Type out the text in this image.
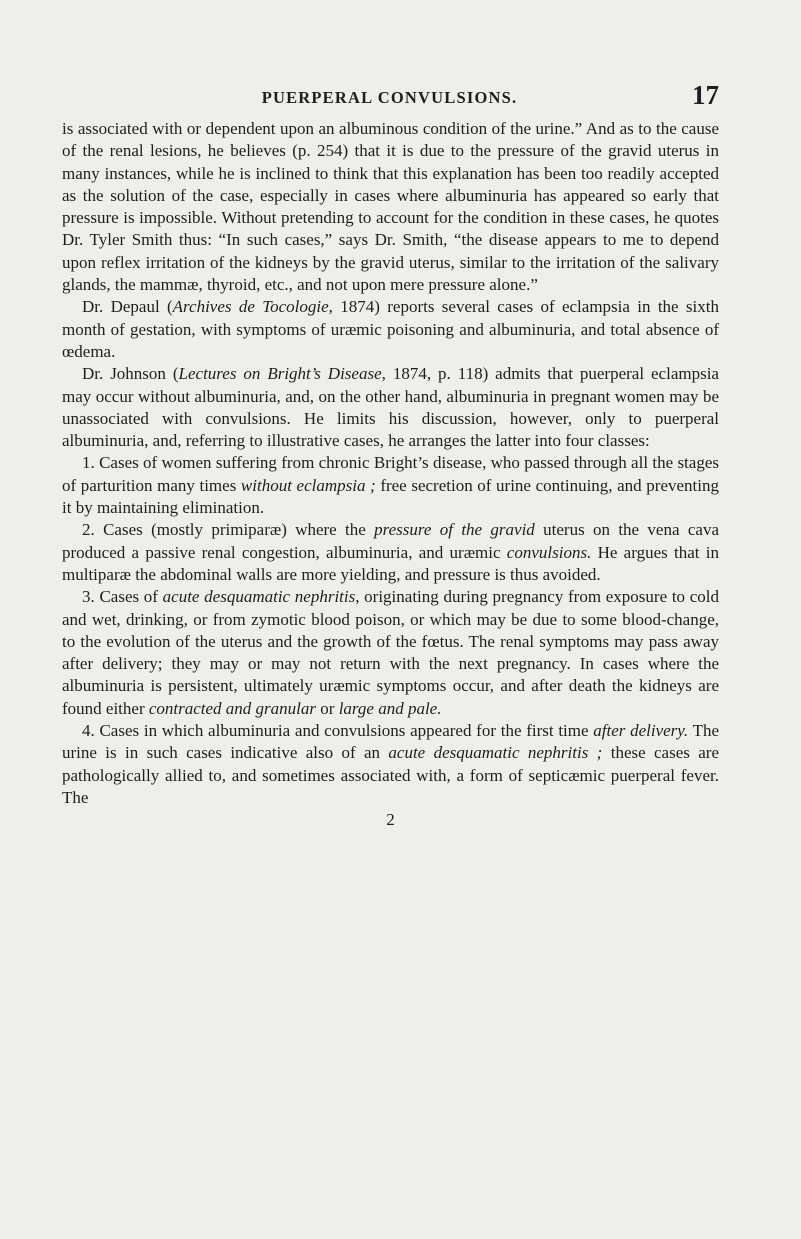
PUERPERAL CONVULSIONS.	17

is associated with or dependent upon an albuminous condition of the urine.” And as to the cause of the renal lesions, he believes (p. 254) that it is due to the pressure of the gravid uterus in many instances, while he is inclined to think that this explanation has been too readily accepted as the solution of the case, especially in cases where albuminuria has appeared so early that pressure is impossible. Without pretending to account for the condition in these cases, he quotes Dr. Tyler Smith thus: “In such cases,” says Dr. Smith, “the disease appears to me to depend upon reflex irritation of the kidneys by the gravid uterus, similar to the irritation of the salivary glands, the mammæ, thyroid, etc., and not upon mere pressure alone.”

Dr. Depaul (Archives de Tocologie, 1874) reports several cases of eclampsia in the sixth month of gestation, with symptoms of uræmic poisoning and albuminuria, and total absence of œdema.

Dr. Johnson (Lectures on Bright’s Disease, 1874, p. 118) admits that puerperal eclampsia may occur without albuminuria, and, on the other hand, albuminuria in pregnant women may be unassociated with convulsions. He limits his discussion, however, only to puerperal albuminuria, and, referring to illustrative cases, he arranges the latter into four classes:

1. Cases of women suffering from chronic Bright’s disease, who passed through all the stages of parturition many times without eclampsia ; free secretion of urine continuing, and preventing it by maintaining elimination.

2. Cases (mostly primiparæ) where the pressure of the gravid uterus on the vena cava produced a passive renal congestion, albuminuria, and uræmic convulsions. He argues that in multiparæ the abdominal walls are more yielding, and pressure is thus avoided.

3. Cases of acute desquamatic nephritis, originating during pregnancy from exposure to cold and wet, drinking, or from zymotic blood poison, or which may be due to some blood-change, to the evolution of the uterus and the growth of the fœtus. The renal symptoms may pass away after delivery; they may or may not return with the next pregnancy. In cases where the albuminuria is persistent, ultimately uræmic symptoms occur, and after death the kidneys are found either contracted and granular or large and pale.

4. Cases in which albuminuria and convulsions appeared for the first time after delivery. The urine is in such cases indicative also of an acute desquamatic nephritis ; these cases are pathologically allied to, and sometimes associated with, a form of septicæmic puerperal fever. The

2
